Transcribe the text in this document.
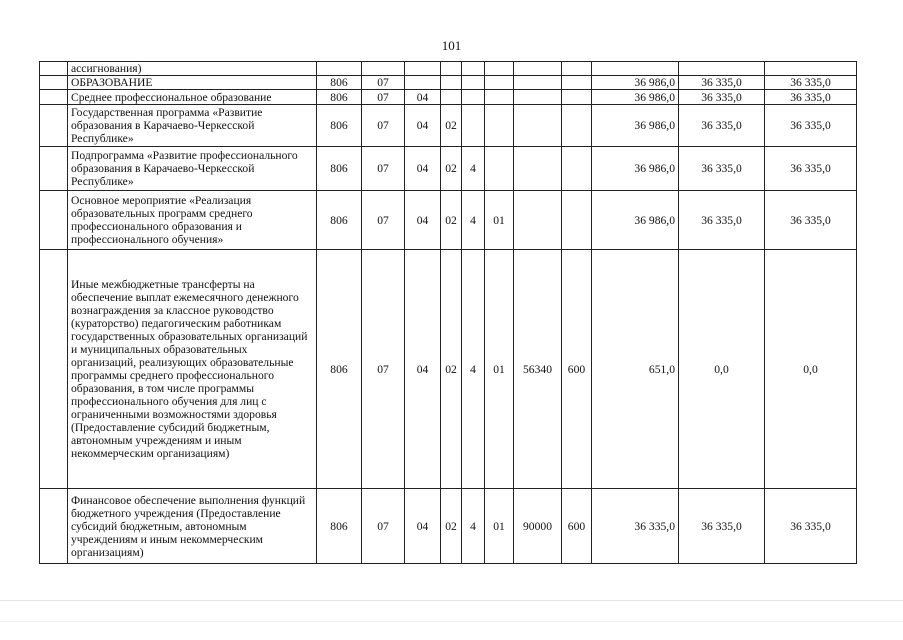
101
	ассигнования)											
	ОБРАЗОВАНИЕ	806	07							36 986,0	36 335,0	36 335,0
	Среднее профессиональное образование	806	07	04						36 986,0	36 335,0	36 335,0
	Государственная программа «Развитие образования в Карачаево-Черкесской Республике»	806	07	04	02					36 986,0	36 335,0	36 335,0
	Подпрограмма «Развитие профессионального образования в Карачаево-Черкесской Республике»	806	07	04	02	4				36 986,0	36 335,0	36 335,0
	Основное мероприятие «Реализация образовательных программ среднего профессионального образования и профессионального обучения»	806	07	04	02	4	01			36 986,0	36 335,0	36 335,0
	Иные межбюджетные трансферты на обеспечение выплат ежемесячного денежного вознаграждения за классное руководство (кураторство) педагогическим работникам государственных образовательных организаций и муниципальных образовательных организаций, реализующих образовательные программы среднего профессионального образования, в том числе программы профессионального обучения для лиц с ограниченными возможностями здоровья (Предоставление субсидий бюджетным, автономным учреждениям и иным некоммерческим организациям)	806	07	04	02	4	01	56340	600	651,0	0,0	0,0
	Финансовое обеспечение выполнения функций бюджетного учреждения (Предоставление субсидий бюджетным, автономным учреждениям и иным некоммерческим организациям)	806	07	04	02	4	01	90000	600	36 335,0	36 335,0	36 335,0
